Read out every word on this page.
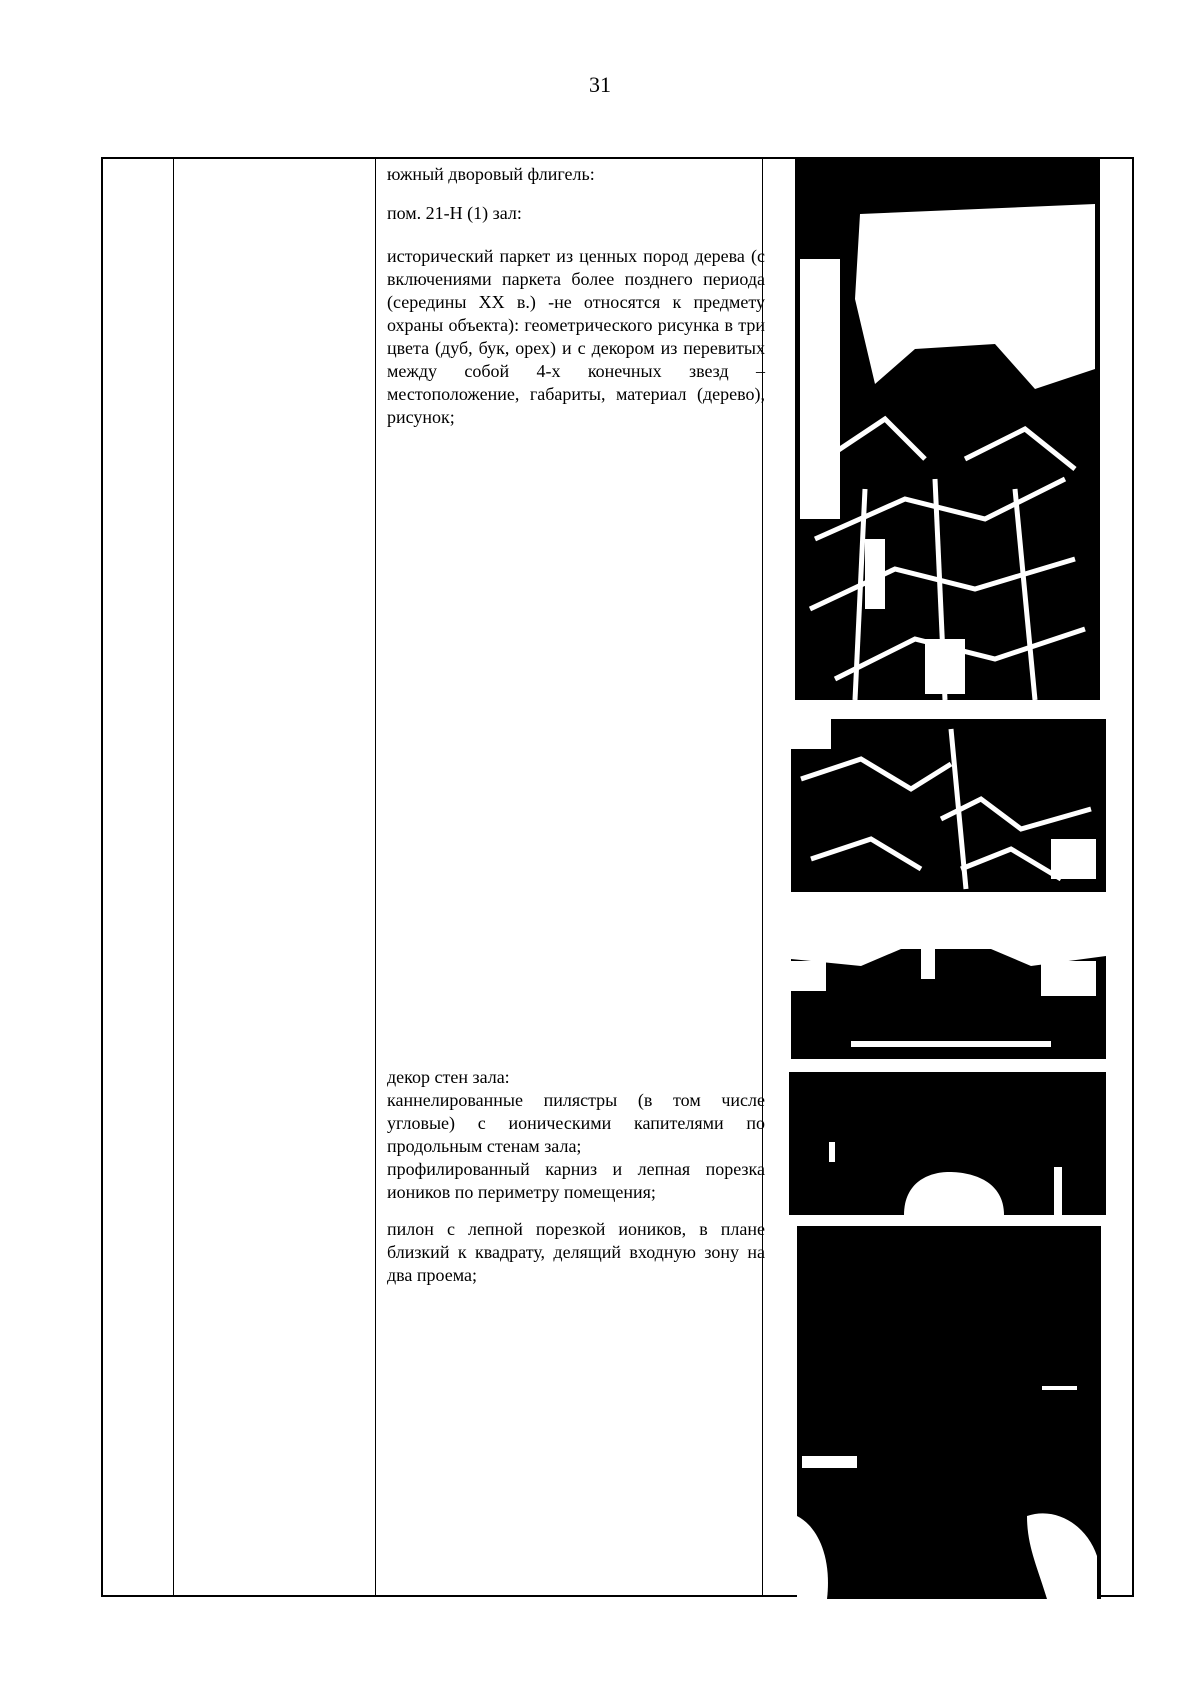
31

южный дворовый флигель:

пом. 21-Н (1) зал:

исторический паркет из ценных пород дерева (с включениями паркета более позднего периода (середины XX в.) -не относятся к предмету охраны объекта): геометрического рисунка в три цвета (дуб, бук, орех) и с декором из перевитых между собой 4-х конечных звезд – местоположение, габариты, материал (дерево), рисунок;

декор стен зала:

каннелированные пилястры (в том числе угловые) с ионическими капителями по продольным стенам зала;

профилированный карниз и лепная порезка иоников по периметру помещения;

пилон с лепной порезкой иоников, в плане близкий к квадрату, делящий входную зону на два проема;
